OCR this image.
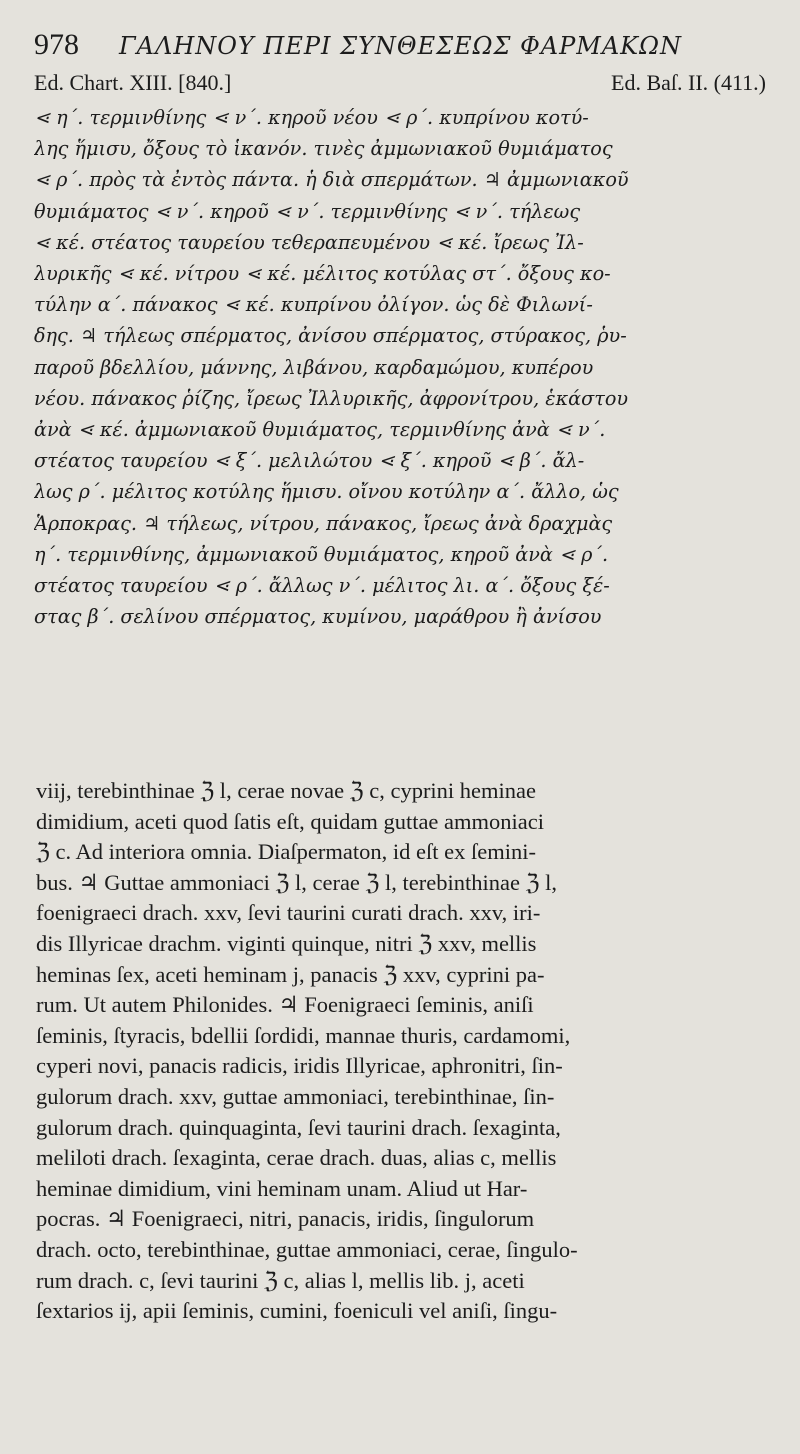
978 ΓΑΛΗΝΟΥ ΠΕΡΙ ΣΥΝΘΕΣΕΩΣ ΦΑΡΜΑΚΩΝ
Ed. Chart. XIII. [840.]	Ed. Baſ. II. (411.)
⋖ η΄. τερμινθίνης ⋖ ν΄. κηροῦ νέου ⋖ ρ΄. κυπρίνου κοτύ-
λης ἥμισυ, ὄξους τὸ ἱκανόν. τινὲς ἀμμωνιακοῦ θυμιάματος
⋖ ρ΄. πρὸς τὰ ἐντὸς πάντα. ἡ διὰ σπερμάτων. ♃ ἀμμωνιακοῦ
θυμιάματος ⋖ ν΄. κηροῦ ⋖ ν΄. τερμινθίνης ⋖ ν΄. τήλεως
⋖ κέ. στέατος ταυρείου τεθεραπευμένου ⋖ κέ. ἴρεως Ἰλ-
λυρικῆς ⋖ κέ. νίτρου ⋖ κέ. μέλιτος κοτύλας στ΄. ὄξους κο-
τύλην α΄. πάνακος ⋖ κέ. κυπρίνου ὀλίγον. ὡς δὲ Φιλωνί-
δης. ♃ τήλεως σπέρματος, ἀνίσου σπέρματος, στύρακος, ῥυ-
παροῦ βδελλίου, μάννης, λιβάνου, καρδαμώμου, κυπέρου
νέου. πάνακος ῥίζης, ἴρεως Ἰλλυρικῆς, ἀφρονίτρου, ἑκάστου
ἀνὰ ⋖ κέ. ἀμμωνιακοῦ θυμιάματος, τερμινθίνης ἀνὰ ⋖ ν΄.
στέατος ταυρείου ⋖ ξ΄. μελιλώτου ⋖ ξ΄. κηροῦ ⋖ β΄. ἄλ-
λως ρ΄. μέλιτος κοτύλης ἥμισυ. οἴνου κοτύλην α΄. ἄλλο, ὡς
Ἁρποκρας. ♃ τήλεως, νίτρου, πάνακος, ἴρεως ἀνὰ δραχμὰς
η΄. τερμινθίνης, ἀμμωνιακοῦ θυμιάματος, κηροῦ ἀνὰ ⋖ ρ΄.
στέατος ταυρείου ⋖ ρ΄. ἄλλως ν΄. μέλιτος λι. α΄. ὄξους ξέ-
στας β΄. σελίνου σπέρματος, κυμίνου, μαράθρου ἢ ἀνίσου
viij, terebinthinae ℨ l, cerae novae ℨ c, cyprini heminae
dimidium, aceti quod ſatis eſt, quidam guttae ammoniaci
ℨ c. Ad interiora omnia. Diaſpermaton, id eſt ex ſemini-
bus. ♃ Guttae ammoniaci ℨ l, cerae ℨ l, terebinthinae ℨ l,
foenigraeci drach. xxv, ſevi taurini curati drach. xxv, iri-
dis Illyricae drachm. viginti quinque, nitri ℨ xxv, mellis
heminas ſex, aceti heminam j, panacis ℨ xxv, cyprini pa-
rum. Ut autem Philonides. ♃ Foenigraeci ſeminis, aniſi
ſeminis, ſtyracis, bdellii ſordidi, mannae thuris, cardamomi,
cyperi novi, panacis radicis, iridis Illyricae, aphronitri, ſin-
gulorum drach. xxv, guttae ammoniaci, terebinthinae, ſin-
gulorum drach. quinquaginta, ſevi taurini drach. ſexaginta,
meliloti drach. ſexaginta, cerae drach. duas, alias c, mellis
heminae dimidium, vini heminam unam. Aliud ut Har-
pocras. ♃ Foenigraeci, nitri, panacis, iridis, ſingulorum
drach. octo, terebinthinae, guttae ammoniaci, cerae, ſingulo-
rum drach. c, ſevi taurini ℨ c, alias l, mellis lib. j, aceti
ſextarios ij, apii ſeminis, cumini, foeniculi vel aniſi, ſingu-
